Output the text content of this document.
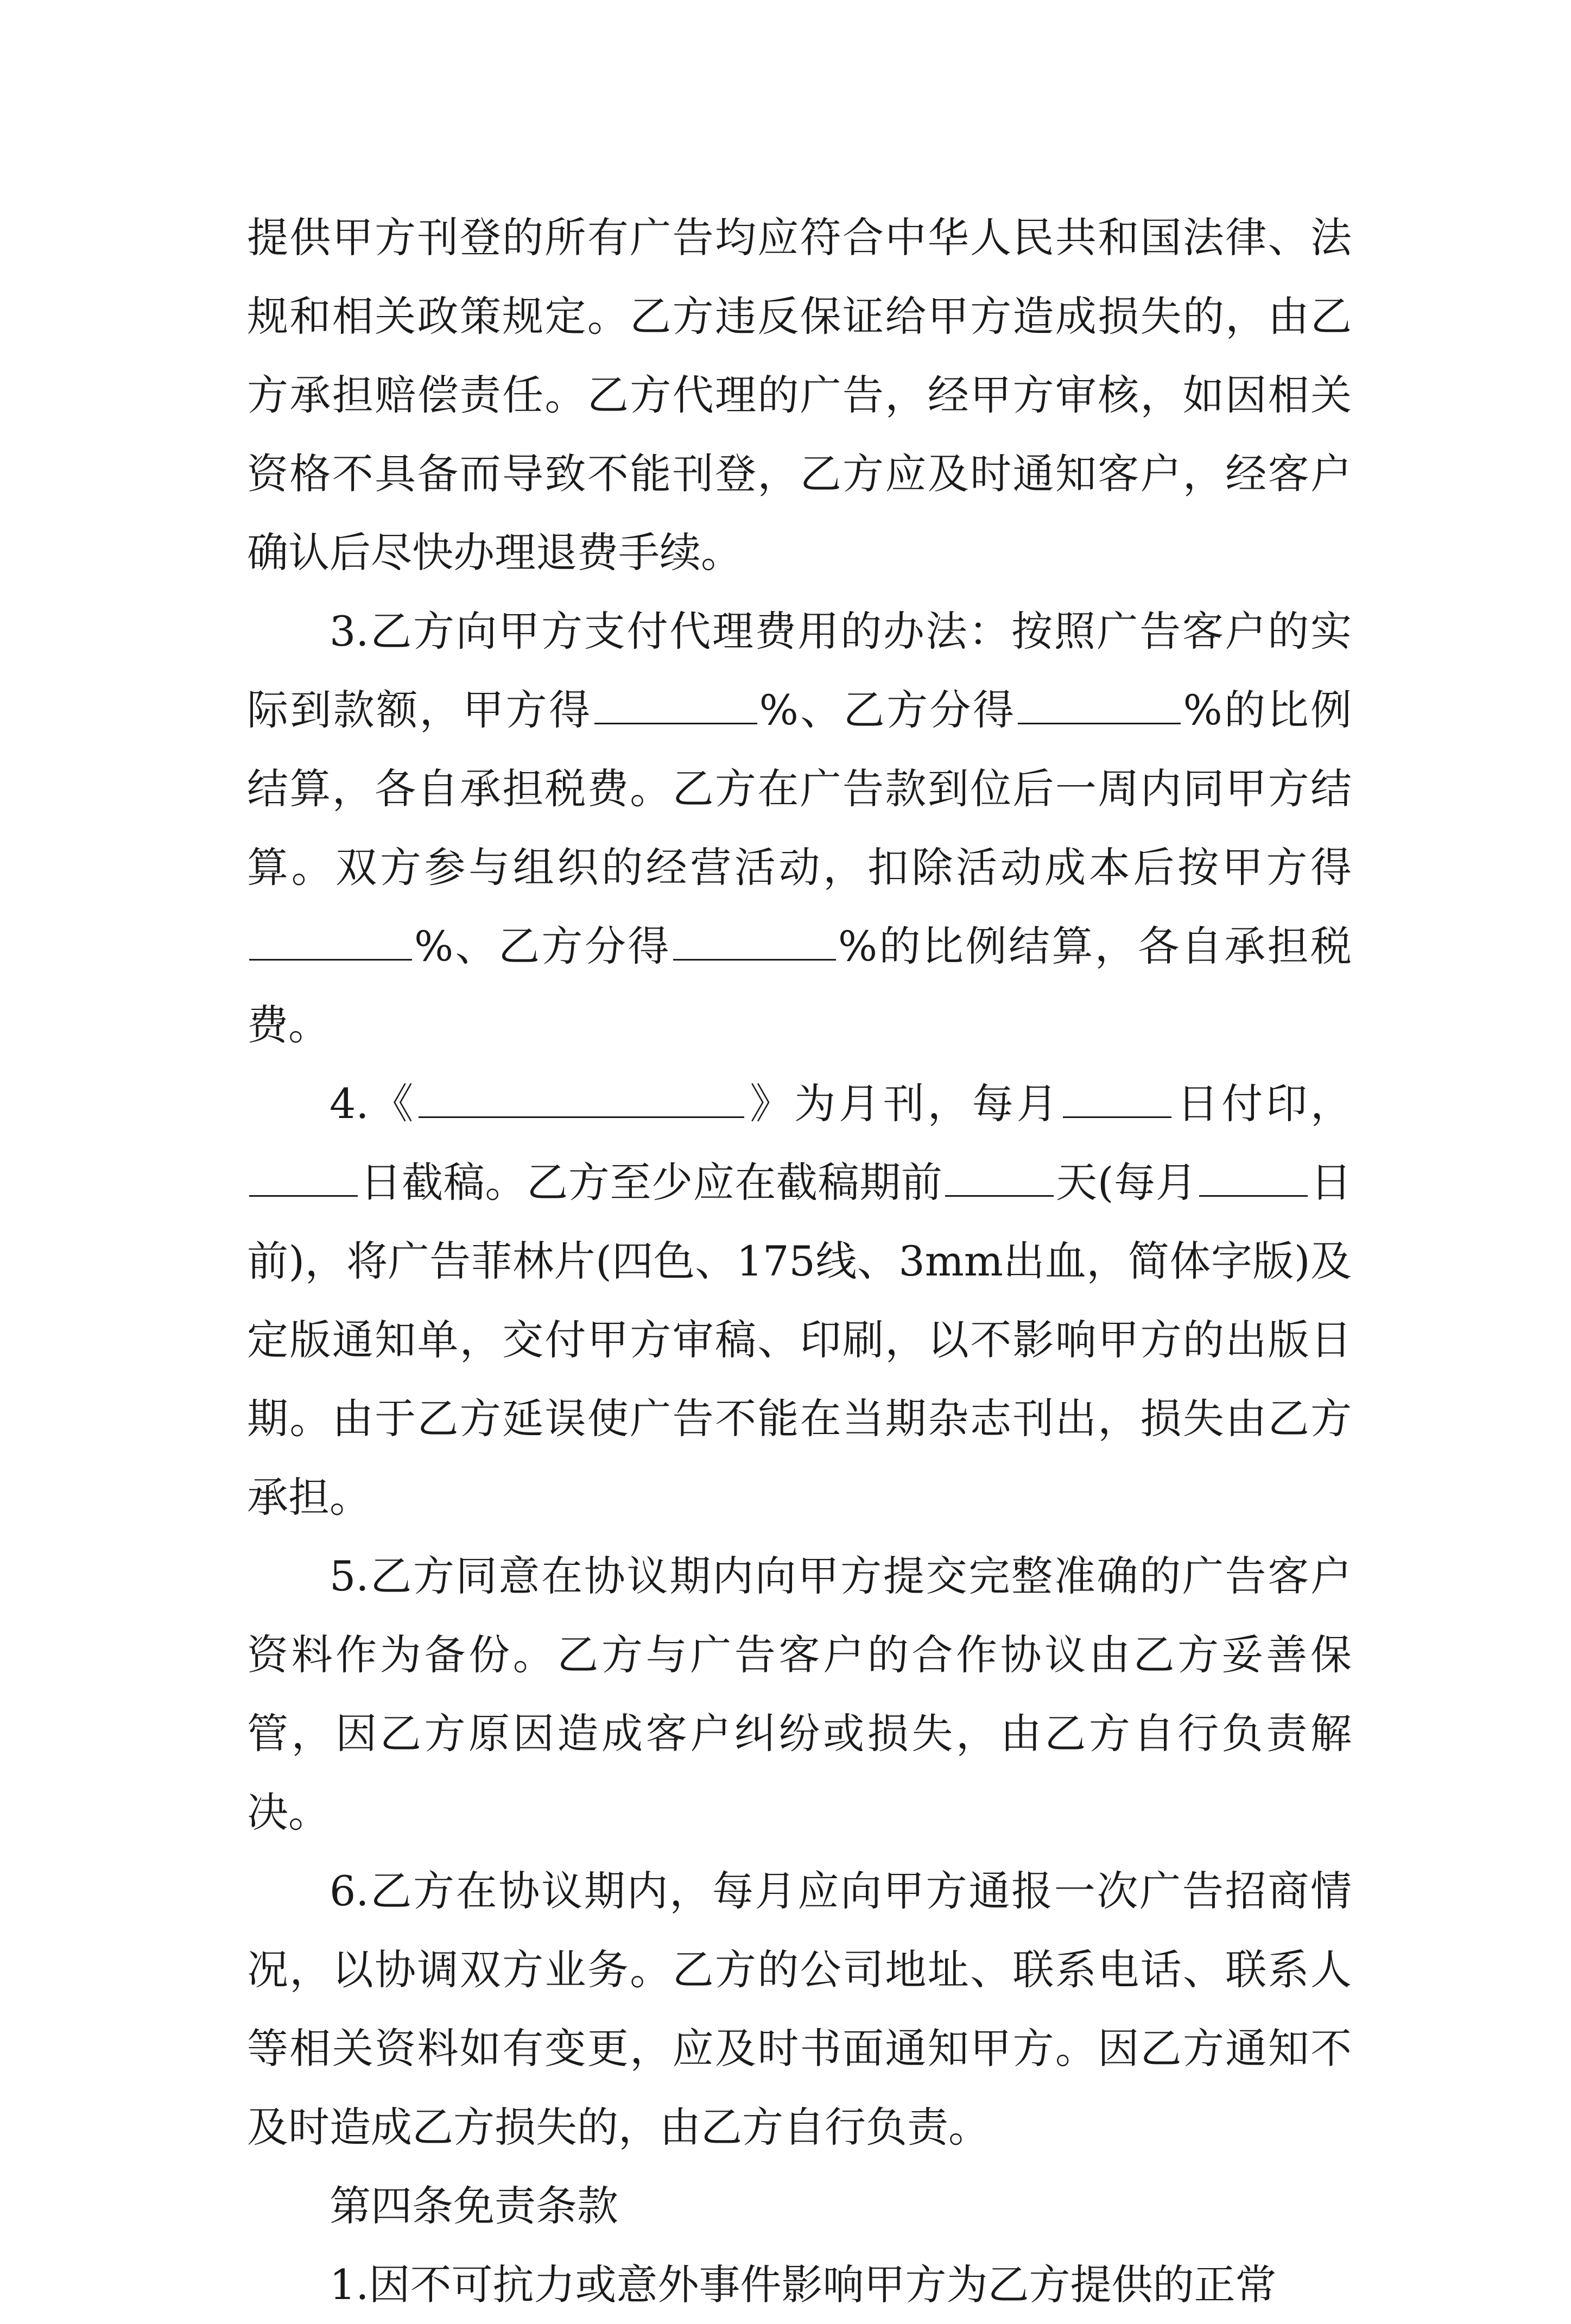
提供甲方刊登的所有广告均应符合中华人民共和国法律、法规和相关政策规定。乙方违反保证给甲方造成损失的，由乙方承担赔偿责任。乙方代理的广告，经甲方审核，如因相关资格不具备而导致不能刊登，乙方应及时通知客户，经客户确认后尽快办理退费手续。

3.乙方向甲方支付代理费用的办法：按照广告客户的实际到款额，甲方得	%、乙方分得	%的比例结算，各自承担税费。乙方在广告款到位后一周内同甲方结算。双方参与组织的经营活动，扣除活动成本后按甲方得%、乙方分得	%的比例结算，各自承担税费。

4.《	》为月刊，每月	日付印，日截稿。乙方至少应在截稿期前	天(每月	日前)，将广告菲林片(四色、175线、3mm出血，简体字版)及定版通知单，交付甲方审稿、印刷，以不影响甲方的出版日期。由于乙方延误使广告不能在当期杂志刊出，损失由乙方承担。

5.乙方同意在协议期内向甲方提交完整准确的广告客户资料作为备份。乙方与广告客户的合作协议由乙方妥善保管，因乙方原因造成客户纠纷或损失，由乙方自行负责解决。

6.乙方在协议期内，每月应向甲方通报一次广告招商情况，以协调双方业务。乙方的公司地址、联系电话、联系人等相关资料如有变更，应及时书面通知甲方。因乙方通知不及时造成乙方损失的，由乙方自行负责。

第四条免责条款

1.因不可抗力或意外事件影响甲方为乙方提供的正常
